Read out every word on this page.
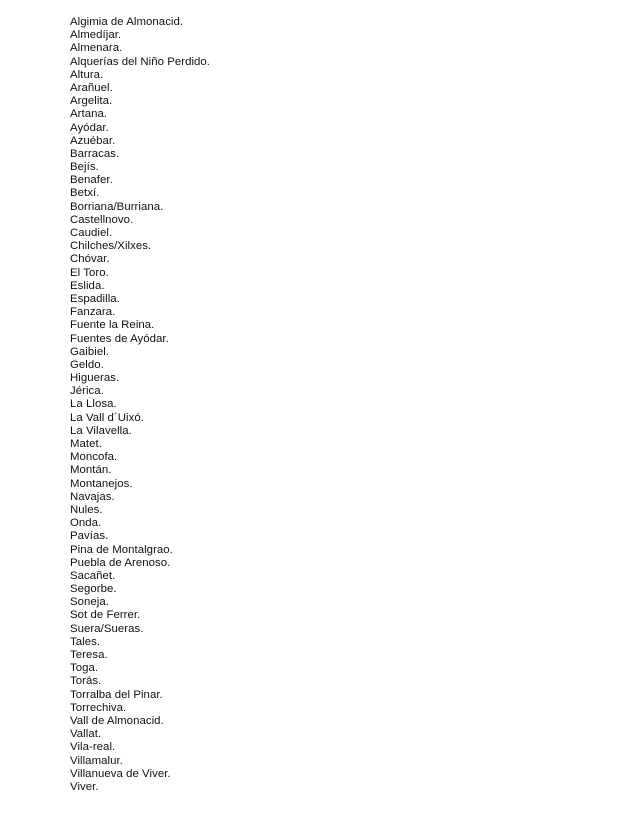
Algimia de Almonacid.
Almedíjar.
Almenara.
Alquerías del Niño Perdido.
Altura.
Arañuel.
Argelita.
Artana.
Ayódar.
Azuébar.
Barracas.
Bejís.
Benafer.
Betxí.
Borriana/Burriana.
Castellnovo.
Caudiel.
Chilches/Xilxes.
Chóvar.
El Toro.
Eslida.
Espadilla.
Fanzara.
Fuente la Reina.
Fuentes de Ayódar.
Gaibiel.
Geldo.
Higueras.
Jérica.
La Llosa.
La Vall d´Uixó.
La Vilavella.
Matet.
Moncofa.
Montán.
Montanejos.
Navajas.
Nules.
Onda.
Pavías.
Pina de Montalgrao.
Puebla de Arenoso.
Sacañet.
Segorbe.
Soneja.
Sot de Ferrer.
Suera/Sueras.
Tales.
Teresa.
Toga.
Torás.
Torralba del Pinar.
Torrechiva.
Vall de Almonacid.
Vallat.
Vila-real.
Villamalur.
Villanueva de Viver.
Viver.
